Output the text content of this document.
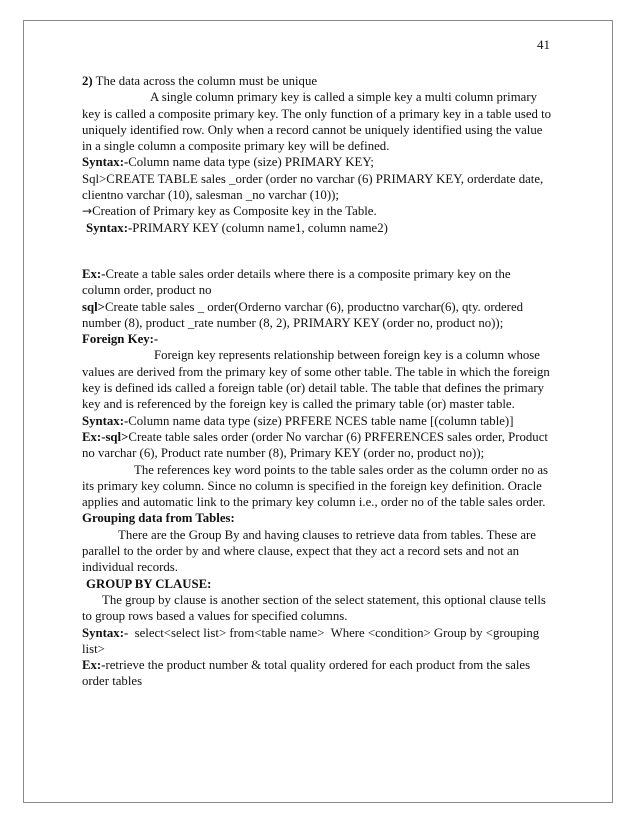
41

2) The data across the column must be unique

A single column primary key is called a simple key a multi column primary key is called a composite primary key. The only function of a primary key in a table used to uniquely identified row. Only when a record cannot be uniquely identified using the value in a single column a composite primary key will be defined.

Syntax:-Column name data type (size) PRIMARY KEY;

Sql>CREATE TABLE sales _order (order no varchar (6) PRIMARY KEY, orderdate date, clientno varchar (10), salesman _no varchar (10));

→Creation of Primary key as Composite key in the Table.

Syntax:-PRIMARY KEY (column name1, column name2)

Ex:-Create a table sales order details where there is a composite primary key on the column order, product no

sql>Create table sales _ order(Orderno varchar (6), productno varchar(6), qty. ordered number (8), product _rate number (8, 2), PRIMARY KEY (order no, product no));

Foreign Key:-

Foreign key represents relationship between foreign key is a column whose values are derived from the primary key of some other table. The table in which the foreign key is defined ids called a foreign table (or) detail table. The table that defines the primary key and is referenced by the foreign key is called the primary table (or) master table.

Syntax:-Column name data type (size) PRFERE NCES table name [(column table)]

Ex:-sql>Create table sales order (order No varchar (6) PRFERENCES sales order, Product no varchar (6), Product rate number (8), Primary KEY (order no, product no));

The references key word points to the table sales order as the column order no as its primary key column. Since no column is specified in the foreign key definition. Oracle applies and automatic link to the primary key column i.e., order no of the table sales order.

Grouping data from Tables:

There are the Group By and having clauses to retrieve data from tables. These are parallel to the order by and where clause, expect that they act a record sets and not an individual records.

GROUP BY CLAUSE:

The group by clause is another section of the select statement, this optional clause tells to group rows based a values for specified columns.

Syntax:-  select<select list> from<table name>  Where <condition> Group by <grouping list>

Ex:-retrieve the product number & total quality ordered for each product from the sales order tables
